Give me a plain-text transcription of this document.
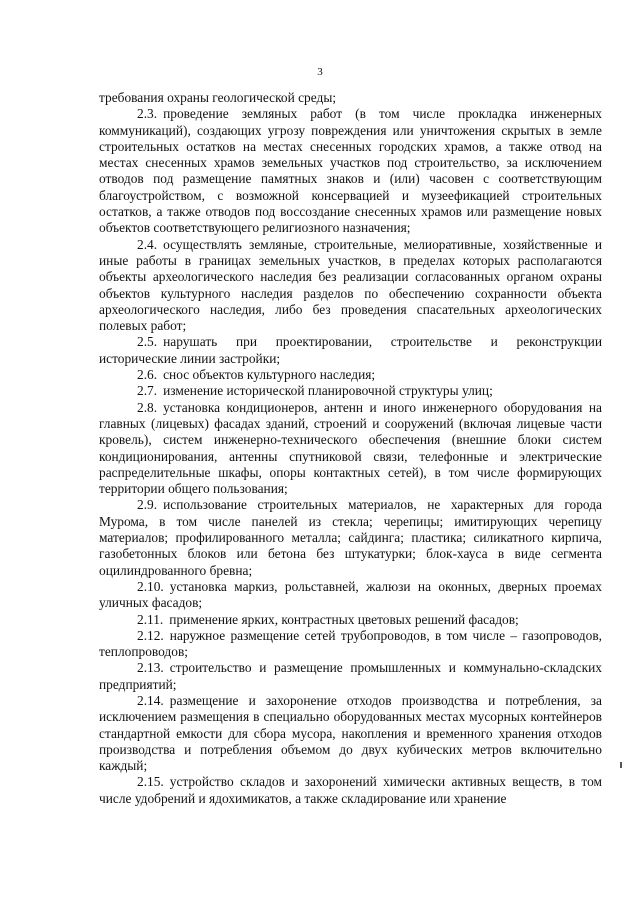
3

требования охраны геологической среды;

2.3. проведение земляных работ (в том числе прокладка инженерных коммуникаций), создающих угрозу повреждения или уничтожения скрытых в земле строительных остатков на местах снесенных городских храмов, а также отвод на местах снесенных храмов земельных участков под строительство, за исключением отводов под размещение памятных знаков и (или) часовен с соответствующим благоустройством, с возможной консервацией и музеефикацией строительных остатков, а также отводов под воссоздание снесенных храмов или размещение новых объектов соответствующего религиозного назначения;

2.4. осуществлять земляные, строительные, мелиоративные, хозяйственные и иные работы в границах земельных участков, в пределах которых располагаются объекты археологического наследия без реализации согласованных органом охраны объектов культурного наследия разделов по обеспечению сохранности объекта археологического наследия, либо без проведения спасательных археологических полевых работ;

2.5. нарушать при проектировании, строительстве и реконструкции исторические линии застройки;

2.6. снос объектов культурного наследия;

2.7. изменение исторической планировочной структуры улиц;

2.8. установка кондиционеров, антенн и иного инженерного оборудования на главных (лицевых) фасадах зданий, строений и сооружений (включая лицевые части кровель), систем инженерно-технического обеспечения (внешние блоки систем кондиционирования, антенны спутниковой связи, телефонные и электрические распределительные шкафы, опоры контактных сетей), в том числе формирующих территории общего пользования;

2.9. использование строительных материалов, не характерных для города Мурома, в том числе панелей из стекла; черепицы; имитирующих черепицу материалов; профилированного металла; сайдинга; пластика; силикатного кирпича, газобетонных блоков или бетона без штукатурки; блок-хауса в виде сегмента оцилиндрованного бревна;

2.10. установка маркиз, рольставней, жалюзи на оконных, дверных проемах уличных фасадов;

2.11. применение ярких, контрастных цветовых решений фасадов;

2.12. наружное размещение сетей трубопроводов, в том числе – газопроводов, теплопроводов;

2.13. строительство и размещение промышленных и коммунально-складских предприятий;

2.14. размещение и захоронение отходов производства и потребления, за исключением размещения в специально оборудованных местах мусорных контейнеров стандартной емкости для сбора мусора, накопления и временного хранения отходов производства и потребления объемом до двух кубических метров включительно каждый;

2.15. устройство складов и захоронений химически активных веществ, в том числе удобрений и ядохимикатов, а также складирование или хранение
